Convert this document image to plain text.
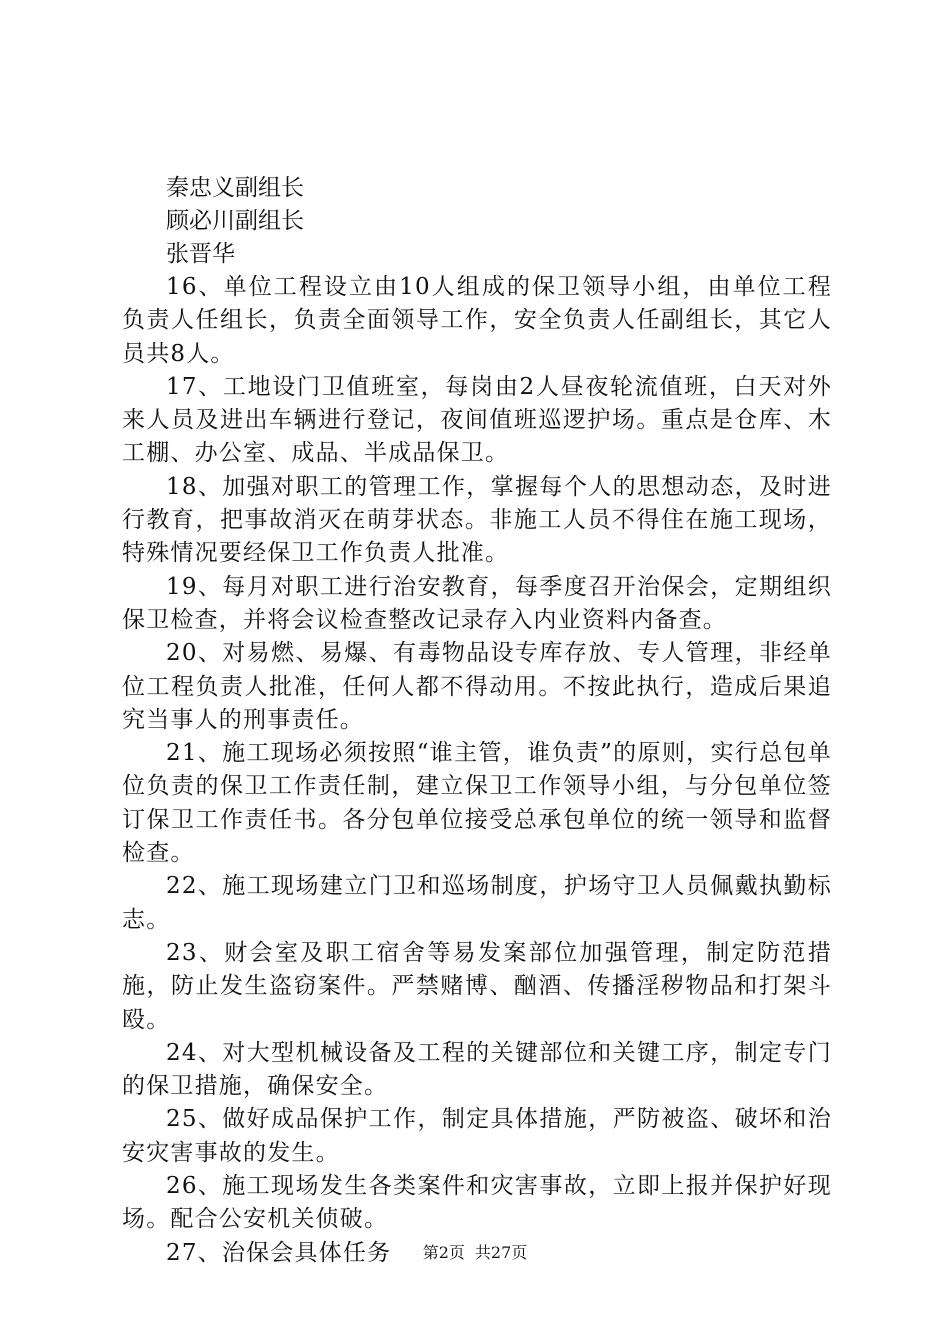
秦忠义副组长

顾必川副组长

张晋华

16、单位工程设立由10人组成的保卫领导小组，由单位工程负责人任组长，负责全面领导工作，安全负责人任副组长，其它人员共8人。

17、工地设门卫值班室，每岗由2人昼夜轮流值班，白天对外来人员及进出车辆进行登记，夜间值班巡逻护场。重点是仓库、木工棚、办公室、成品、半成品保卫。

18、加强对职工的管理工作，掌握每个人的思想动态，及时进行教育，把事故消灭在萌芽状态。非施工人员不得住在施工现场，特殊情况要经保卫工作负责人批准。

19、每月对职工进行治安教育，每季度召开治保会，定期组织保卫检查，并将会议检查整改记录存入内业资料内备查。

20、对易燃、易爆、有毒物品设专库存放、专人管理，非经单位工程负责人批准，任何人都不得动用。不按此执行，造成后果追究当事人的刑事责任。

21、施工现场必须按照“谁主管，谁负责”的原则，实行总包单位负责的保卫工作责任制，建立保卫工作领导小组，与分包单位签订保卫工作责任书。各分包单位接受总承包单位的统一领导和监督检查。

22、施工现场建立门卫和巡场制度，护场守卫人员佩戴执勤标志。

23、财会室及职工宿舍等易发案部位加强管理，制定防范措施，防止发生盗窃案件。严禁赌博、酗酒、传播淫秽物品和打架斗殴。

24、对大型机械设备及工程的关键部位和关键工序，制定专门的保卫措施，确保安全。

25、做好成品保护工作，制定具体措施，严防被盗、破坏和治安灾害事故的发生。

26、施工现场发生各类案件和灾害事故，立即上报并保护好现场。配合公安机关侦破。

27、治保会具体任务	第2页 共27页
